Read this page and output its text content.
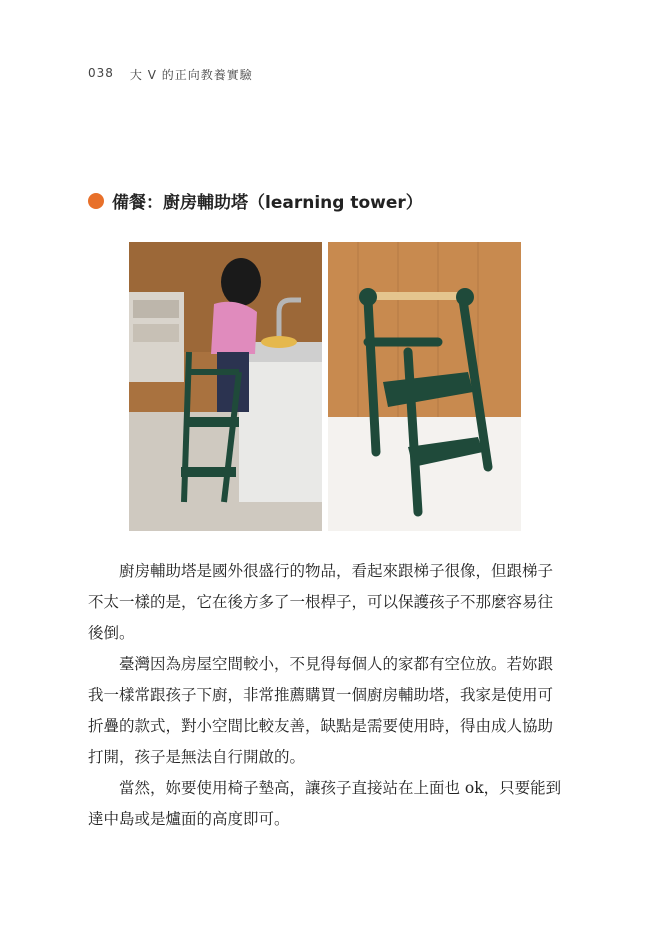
038 大 V 的正向教養實驗
備餐：廚房輔助塔（learning tower）

廚房輔助塔是國外很盛行的物品，看起來跟梯子很像，但跟梯子不太一樣的是，它在後方多了一根桿子，可以保護孩子不那麼容易往後倒。

臺灣因為房屋空間較小，不見得每個人的家都有空位放。若妳跟我一樣常跟孩子下廚，非常推薦購買一個廚房輔助塔，我家是使用可折疊的款式，對小空間比較友善，缺點是需要使用時，得由成人協助打開，孩子是無法自行開啟的。

當然，妳要使用椅子墊高，讓孩子直接站在上面也 ok，只要能到達中島或是爐面的高度即可。
